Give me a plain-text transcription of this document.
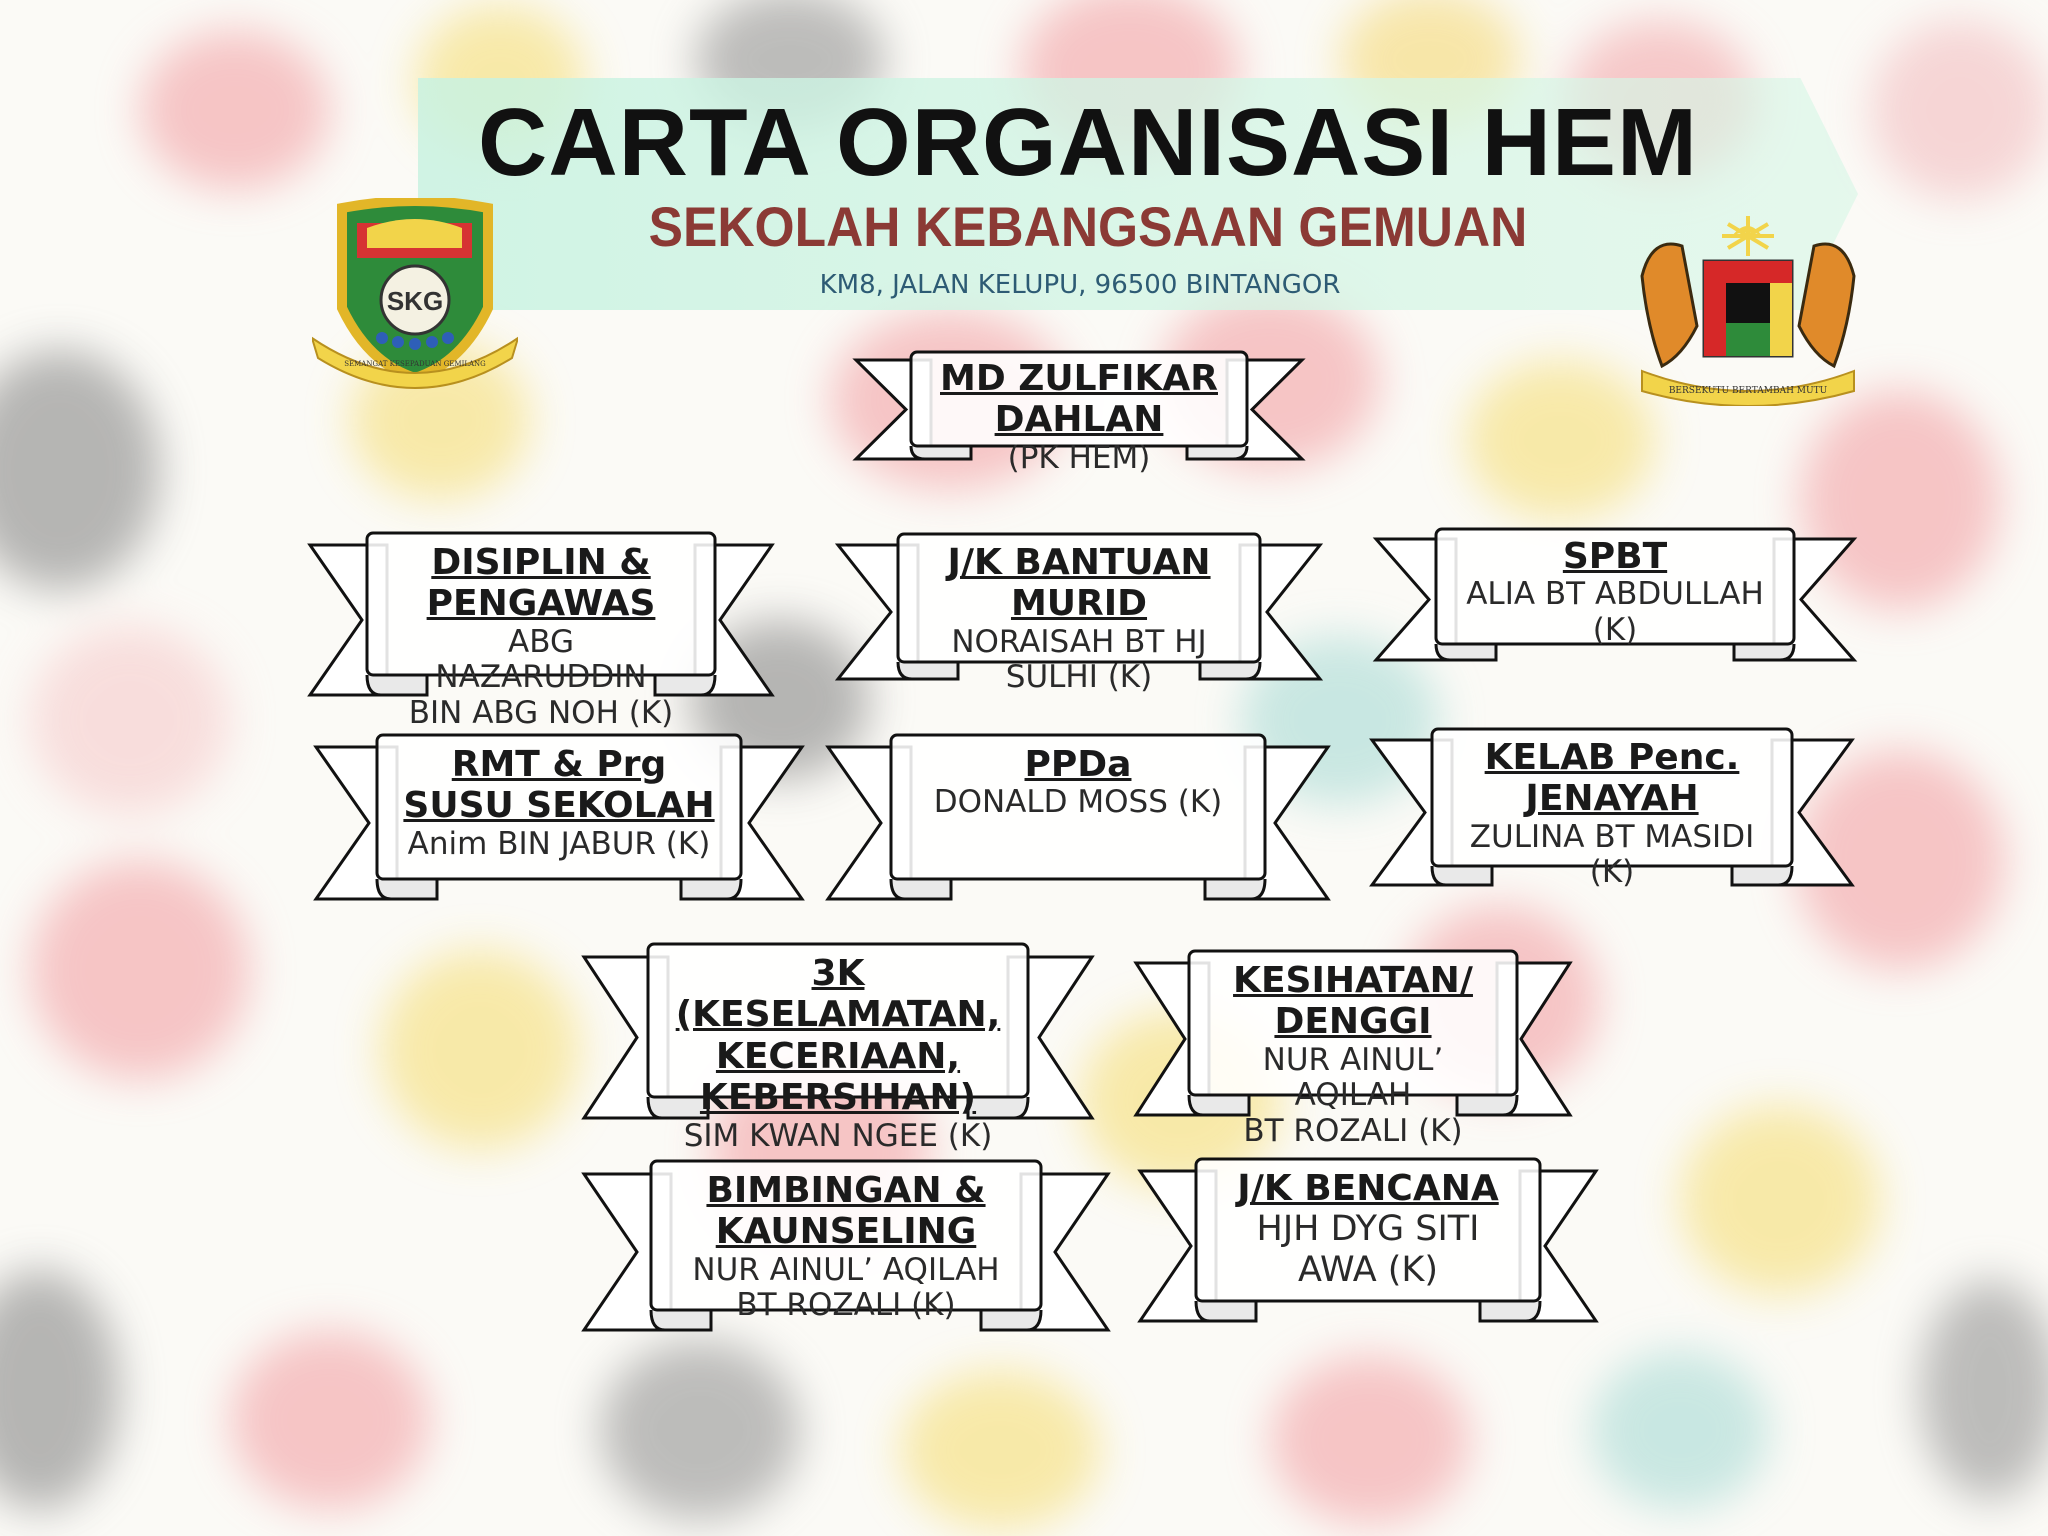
CARTA ORGANISASI HEM
SEKOLAH KEBANGSAAN GEMUAN
KM8, JALAN KELUPU, 96500 BINTANGOR
SKG
SEMANGAT KESEPADUAN GEMILANG
BERSEKUTU BERTAMBAH MUTU
MD ZULFIKAR DAHLAN
(PK HEM)
DISIPLIN & PENGAWAS
ABG
NAZARUDDIN
BIN ABG NOH (K)
J/K BANTUAN MURID
NORAISAH BT HJ
SULHI (K)
SPBT
ALIA BT ABDULLAH
(K)
RMT & Prg SUSU SEKOLAH
Anim BIN JABUR (K)
PPDa
DONALD MOSS (K)
KELAB Penc. JENAYAH
ZULINA BT MASIDI
(K)
3K (KESELAMATAN, KECERIAAN, KEBERSIHAN)
SIM KWAN NGEE (K)
KESIHATAN/ DENGGI
NUR AINUL’
AQILAH
BT ROZALI (K)
BIMBINGAN & KAUNSELING
NUR AINUL’ AQILAH
BT ROZALI (K)
J/K BENCANA
HJH DYG SITI
AWA (K)
